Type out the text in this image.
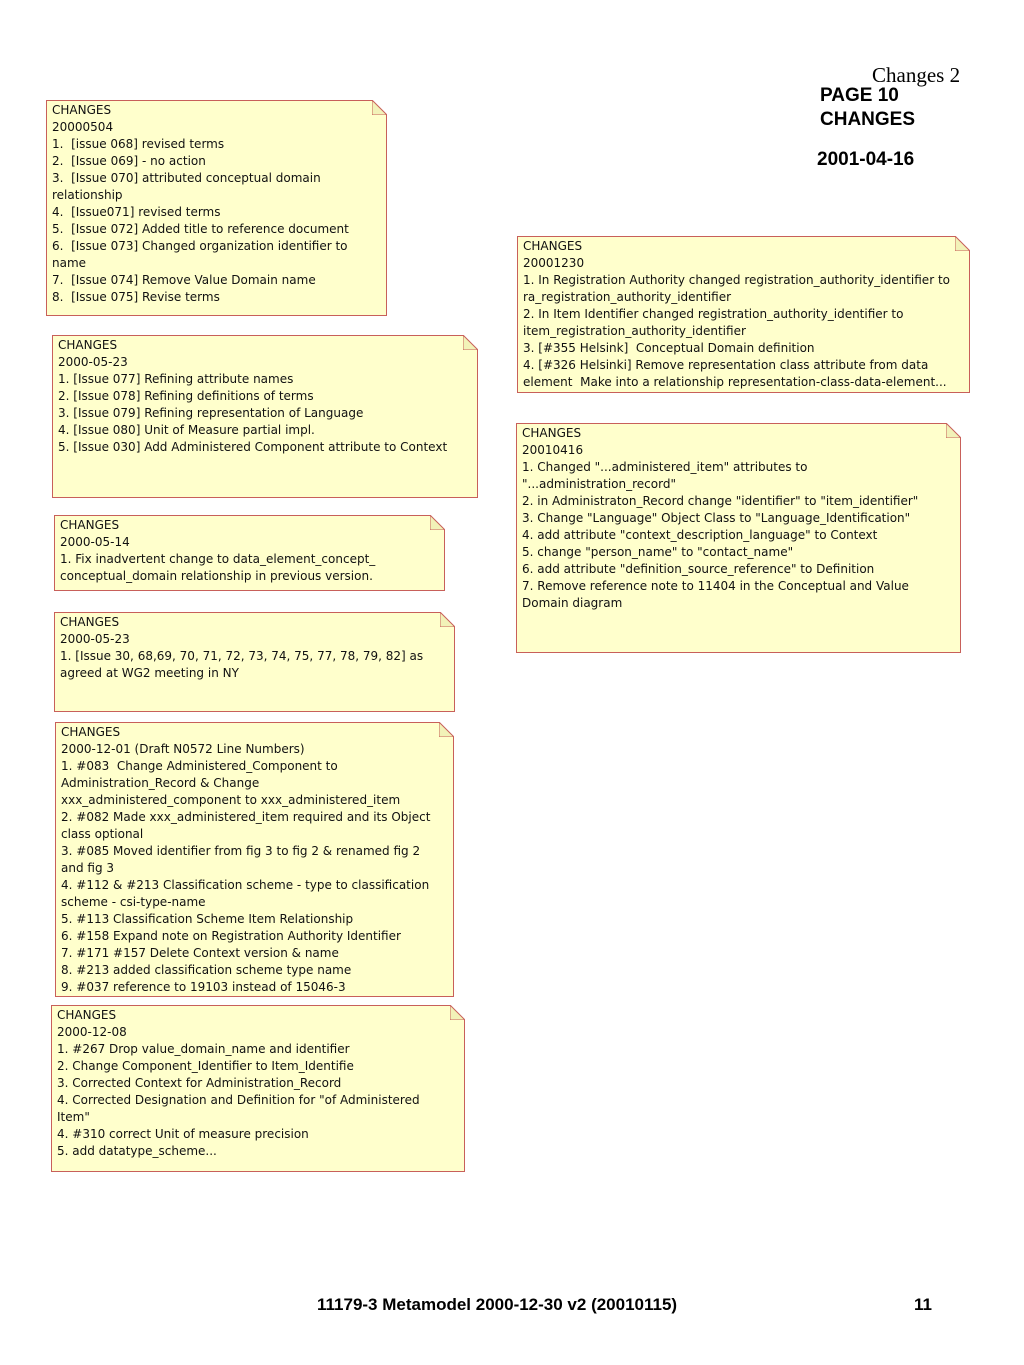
Changes 2
PAGE 10
CHANGES
2001-04-16
CHANGES
20000504
1.  [issue 068] revised terms
2.  [Issue 069] - no action
3.  [Issue 070] attributed conceptual domain
relationship
4.  [Issue071] revised terms
5.  [Issue 072] Added title to reference document
6.  [Issue 073] Changed organization identifier to
name
7.  [Issue 074] Remove Value Domain name
8.  [Issue 075] Revise terms
CHANGES
2000-05-23
1. [Issue 077] Refining attribute names
2. [Issue 078] Refining definitions of terms
3. [Issue 079] Refining representation of Language
4. [Issue 080] Unit of Measure partial impl.
5. [Issue 030] Add Administered Component attribute to Context
CHANGES
2000-05-14
1. Fix inadvertent change to data_element_concept_
conceptual_domain relationship in previous version.
CHANGES
2000-05-23
1. [Issue 30, 68,69, 70, 71, 72, 73, 74, 75, 77, 78, 79, 82] as
agreed at WG2 meeting in NY
CHANGES
2000-12-01 (Draft N0572 Line Numbers)
1. #083  Change Administered_Component to
Administration_Record & Change
xxx_administered_component to xxx_administered_item
2. #082 Made xxx_administered_item required and its Object
class optional
3. #085 Moved identifier from fig 3 to fig 2 & renamed fig 2
and fig 3
4. #112 & #213 Classification scheme - type to classification
scheme - csi-type-name
5. #113 Classification Scheme Item Relationship
6. #158 Expand note on Registration Authority Identifier
7. #171 #157 Delete Context version & name
8. #213 added classification scheme type name
9. #037 reference to 19103 instead of 15046-3
CHANGES
2000-12-08
1. #267 Drop value_domain_name and identifier
2. Change Component_Identifier to Item_Identifie
3. Corrected Context for Administration_Record
4. Corrected Designation and Definition for "of Administered
Item"
4. #310 correct Unit of measure precision
5. add datatype_scheme...
CHANGES
20001230
1. In Registration Authority changed registration_authority_identifier to
ra_registration_authority_identifier
2. In Item Identifier changed registration_authority_identifier to
item_registration_authority_identifier
3. [#355 Helsink]  Conceptual Domain definition
4. [#326 Helsinki] Remove representation class attribute from data
element  Make into a relationship representation-class-data-element...
CHANGES
20010416
1. Changed "...administered_item" attributes to
"...administration_record"
2. in Administraton_Record change "identifier" to "item_identifier"
3. Change "Language" Object Class to "Language_Identification"
4. add attribute "context_description_language" to Context
5. change "person_name" to "contact_name"
6. add attribute "definition_source_reference" to Definition
7. Remove reference note to 11404 in the Conceptual and Value
Domain diagram
11179-3 Metamodel 2000-12-30 v2 (20010115)	11
